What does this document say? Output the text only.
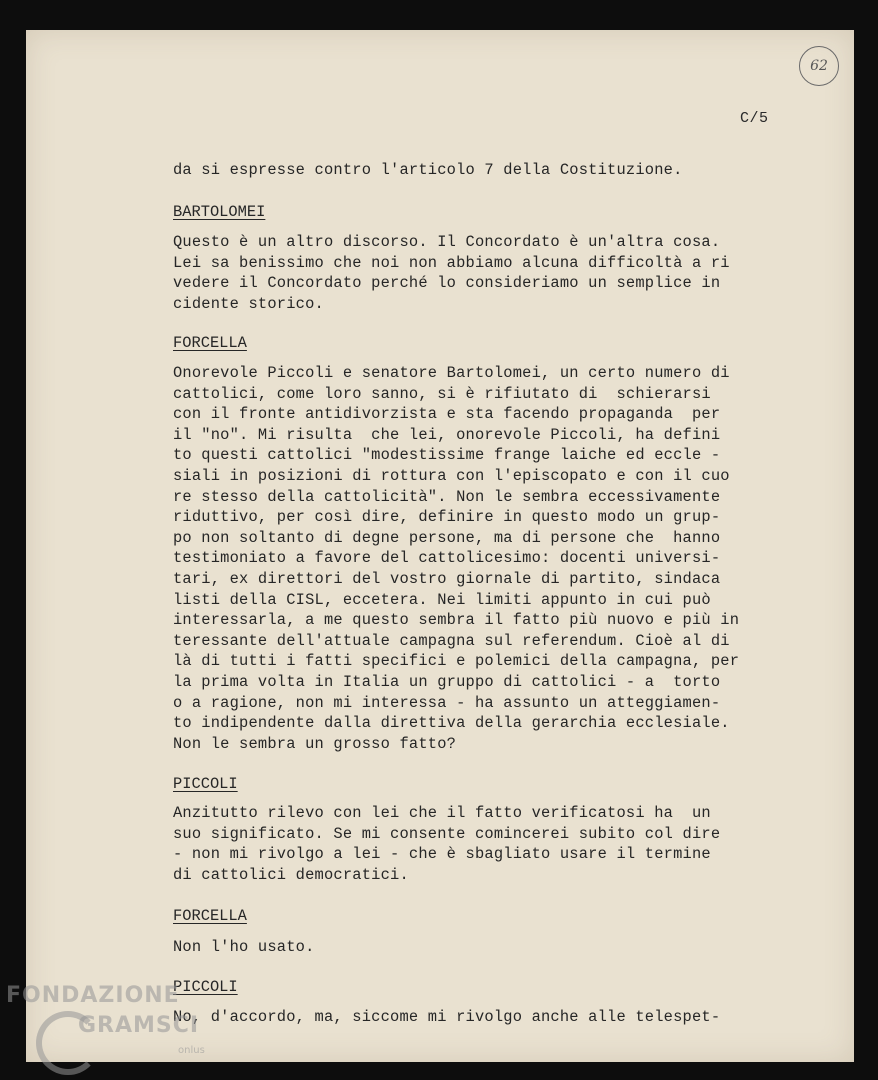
62
C/5
da si espresse contro l'articolo 7 della Costituzione.
BARTOLOMEI
Questo è un altro discorso. Il Concordato è un'altra cosa.
Lei sa benissimo che noi non abbiamo alcuna difficoltà a ri
vedere il Concordato perché lo consideriamo un semplice in
cidente storico.
FORCELLA
Onorevole Piccoli e senatore Bartolomei, un certo numero di
cattolici, come loro sanno, si è rifiutato di  schierarsi
con il fronte antidivorzista e sta facendo propaganda  per
il "no". Mi risulta  che lei, onorevole Piccoli, ha defini
to questi cattolici "modestissime frange laiche ed eccle -
siali in posizioni di rottura con l'episcopato e con il cuo
re stesso della cattolicità". Non le sembra eccessivamente
riduttivo, per così dire, definire in questo modo un grup-
po non soltanto di degne persone, ma di persone che  hanno
testimoniato a favore del cattolicesimo: docenti universi-
tari, ex direttori del vostro giornale di partito, sindaca
listi della CISL, eccetera. Nei limiti appunto in cui può
interessarla, a me questo sembra il fatto più nuovo e più in
teressante dell'attuale campagna sul referendum. Cioè al di
là di tutti i fatti specifici e polemici della campagna, per
la prima volta in Italia un gruppo di cattolici - a  torto
o a ragione, non mi interessa - ha assunto un atteggiamen-
to indipendente dalla direttiva della gerarchia ecclesiale.
Non le sembra un grosso fatto?
PICCOLI
Anzitutto rilevo con lei che il fatto verificatosi ha  un
suo significato. Se mi consente comincerei subito col dire
- non mi rivolgo a lei - che è sbagliato usare il termine
di cattolici democratici.
FORCELLA
Non l'ho usato.
PICCOLI
No, d'accordo, ma, siccome mi rivolgo anche alle telespet-
FONDAZIONE
GRAMSCI
onlus
